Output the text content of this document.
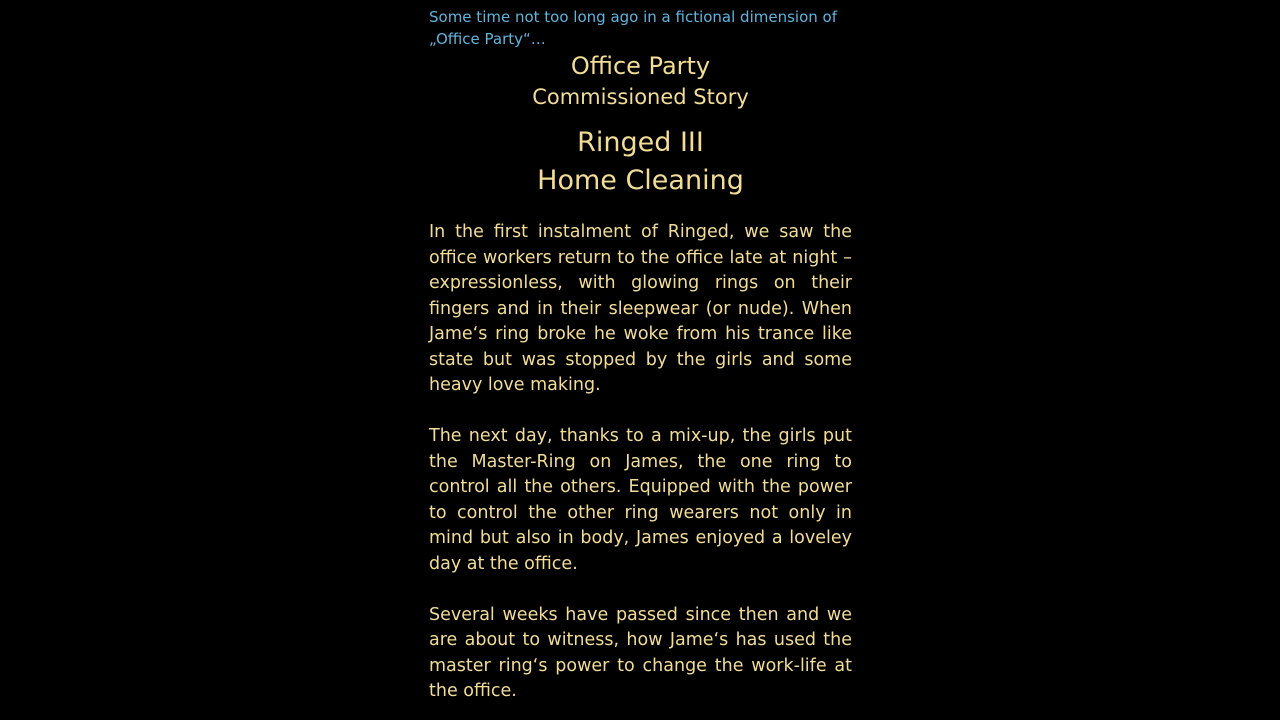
Some time not too long ago in a fictional dimension of „Office Party“…

Office Party
Commissioned Story
Ringed III
Home Cleaning

In the first instalment of Ringed, we saw the office workers return to the office late at night – expressionless, with glowing rings on their fingers and in their sleepwear (or nude). When Jame‘s ring broke he woke from his trance like state but was stopped by the girls and some heavy love making.

The next day, thanks to a mix-up, the girls put the Master-Ring on James, the one ring to control all the others. Equipped with the power to control the other ring wearers not only in mind but also in body, James enjoyed a loveley day at the office.

Several weeks have passed since then and we are about to witness, how Jame‘s has used the master ring‘s power to change the work-life at the office.
